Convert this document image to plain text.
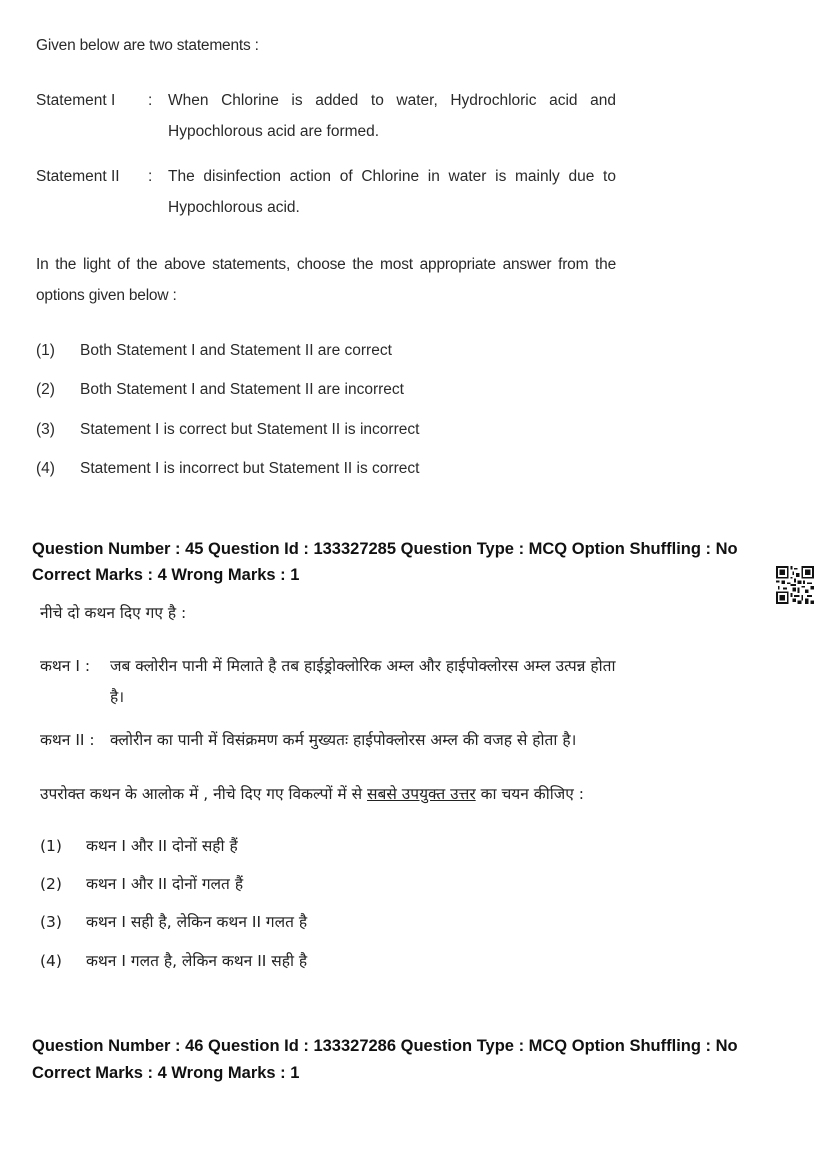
Given below are two statements :
Statement I : When Chlorine is added to water, Hydrochloric acid and Hypochlorous acid are formed.
Statement II : The disinfection action of Chlorine in water is mainly due to Hypochlorous acid.
In the light of the above statements, choose the most appropriate answer from the options given below :
(1) Both Statement I and Statement II are correct
(2) Both Statement I and Statement II are incorrect
(3) Statement I is correct but Statement II is incorrect
(4) Statement I is incorrect but Statement II is correct
Question Number : 45 Question Id : 133327285 Question Type : MCQ Option Shuffling : No
Correct Marks : 4 Wrong Marks : 1
नीचे दो कथन दिए गए है :
कथन I : जब क्लोरीन पानी में मिलाते है तब हाईड्रोक्लोरिक अम्ल और हाईपोक्लोरस अम्ल उत्पन्न होता है।
कथन II : क्लोरीन का पानी में विसंक्रमण कर्म मुख्यतः हाईपोक्लोरस अम्ल की वजह से होता है।
उपरोक्त कथन के आलोक में , नीचे दिए गए विकल्पों में से सबसे उपयुक्त उत्तर का चयन कीजिए :
(1) कथन I और II दोनों सही हैं
(2) कथन I और II दोनों गलत हैं
(3) कथन I सही है, लेकिन कथन II गलत है
(4) कथन I गलत है, लेकिन कथन II सही है
Question Number : 46 Question Id : 133327286 Question Type : MCQ Option Shuffling : No
Correct Marks : 4 Wrong Marks : 1
